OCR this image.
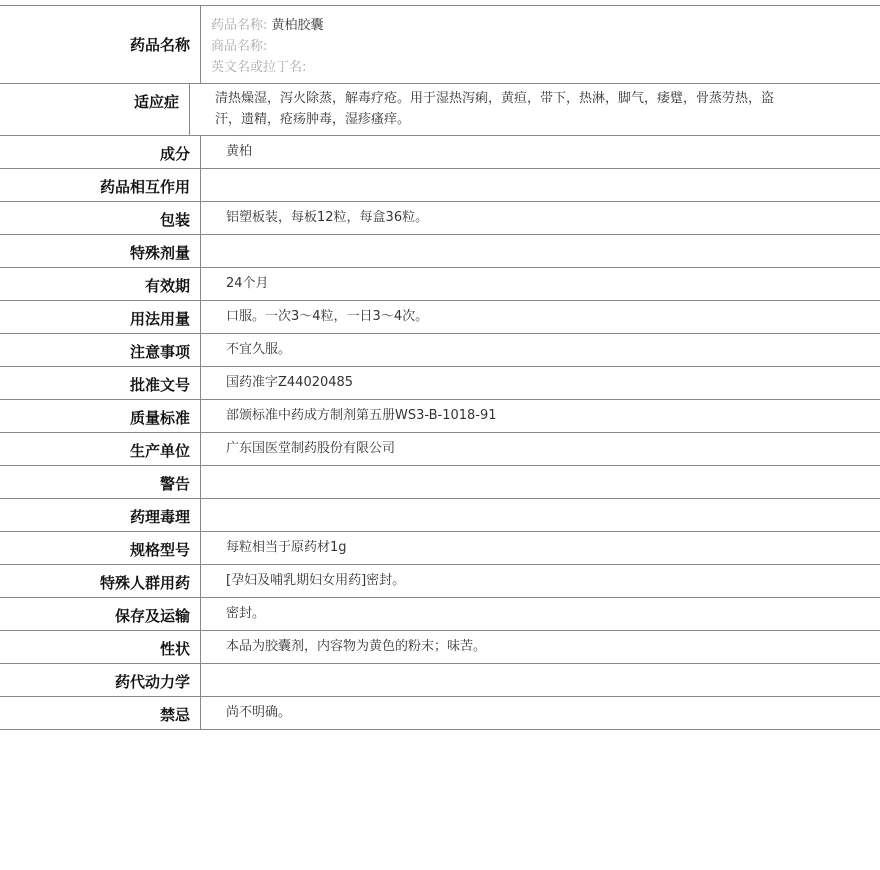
药品名称

药品名称: 黄柏胶囊

商品名称:

英文名或拉丁名:

适应症	清热燥湿，泻火除蒸，解毒疗疮。用于湿热泻痢，黄疸，带下，热淋，脚气，痿躄，骨蒸劳热，盗汗，遗精，疮疡肿毒，湿疹瘙痒。
成分	黄柏
药品相互作用
包装	铝塑板装，每板12粒，每盒36粒。
特殊剂量
有效期	24个月
用法用量	口服。一次3～4粒，一日3～4次。
注意事项	不宜久服。
批准文号	国药准字Z44020485
质量标准	部颁标准中药成方制剂第五册WS3-B-1018-91
生产单位	广东国医堂制药股份有限公司
警告
药理毒理
规格型号	每粒相当于原药材1g
特殊人群用药	[孕妇及哺乳期妇女用药]密封。
保存及运输	密封。
性状	本品为胶囊剂，内容物为黄色的粉末；味苦。
药代动力学
禁忌	尚不明确。
